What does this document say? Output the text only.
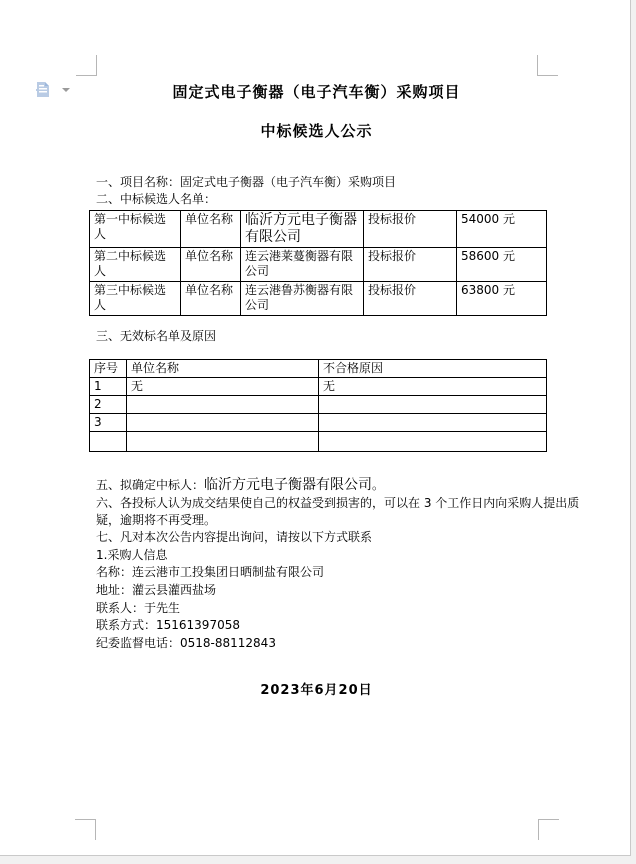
固定式电子衡器（电子汽车衡）采购项目
中标候选人公示
一、项目名称：固定式电子衡器（电子汽车衡）采购项目
二、中标候选人名单：
第一中标候选人	单位名称	临沂方元电子衡器有限公司	投标报价	54000 元
第二中标候选人	单位名称	连云港莱蔓衡器有限公司	投标报价	58600 元
第三中标候选人	单位名称	连云港鲁苏衡器有限公司	投标报价	63800 元
三、无效标名单及原因
序号	单位名称	不合格原因
1	无	无
2		
3		

五、拟确定中标人：临沂方元电子衡器有限公司。
六、各投标人认为成交结果使自己的权益受到损害的，可以在 3 个工作日内向采购人提出质
疑，逾期将不再受理。
七、凡对本次公告内容提出询问，请按以下方式联系
1.采购人信息
名称：连云港市工投集团日晒制盐有限公司
地址：灌云县灌西盐场
联系人：于先生
联系方式：15161397058
纪委监督电话：0518-88112843
2023年6月20日
